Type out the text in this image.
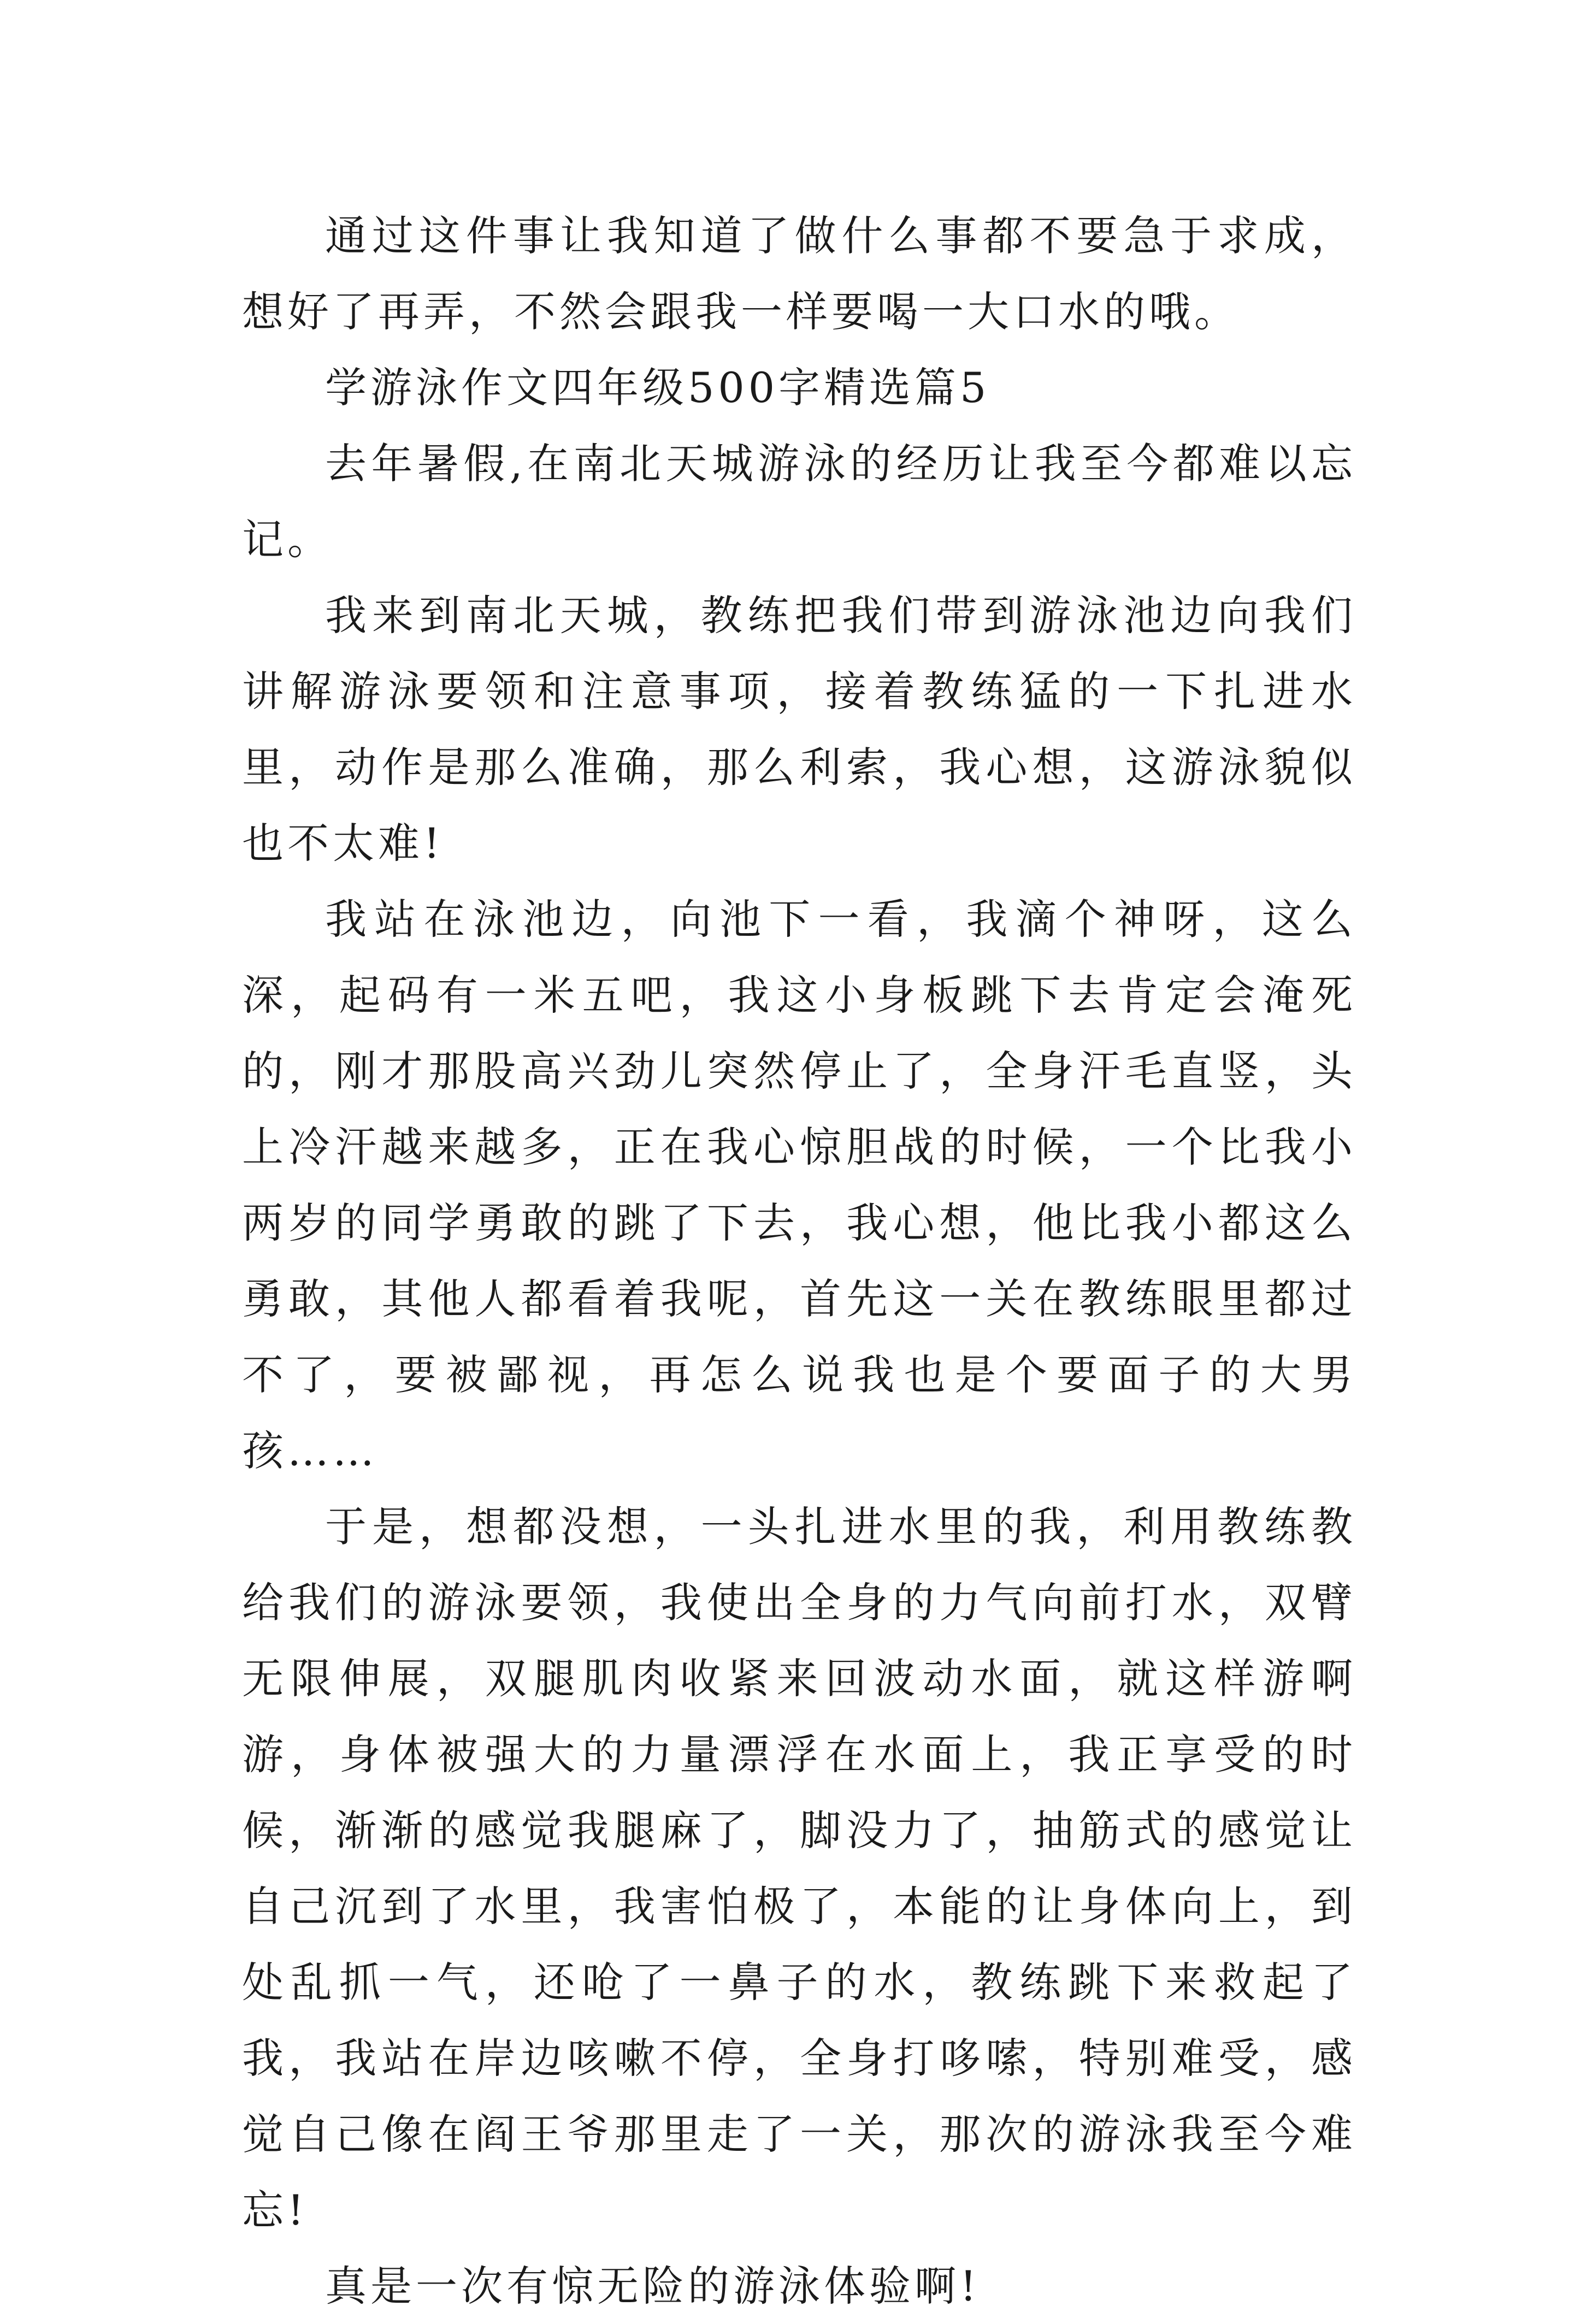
通过这件事让我知道了做什么事都不要急于求成，想好了再弄，不然会跟我一样要喝一大口水的哦。

学游泳作文四年级500字精选篇5

去年暑假,在南北天城游泳的经历让我至今都难以忘记。

我来到南北天城，教练把我们带到游泳池边向我们讲解游泳要领和注意事项，接着教练猛的一下扎进水里，动作是那么准确，那么利索，我心想，这游泳貌似也不太难!

我站在泳池边，向池下一看，我滴个神呀，这么深，起码有一米五吧，我这小身板跳下去肯定会淹死的，刚才那股高兴劲儿突然停止了，全身汗毛直竖，头上冷汗越来越多，正在我心惊胆战的时候，一个比我小两岁的同学勇敢的跳了下去，我心想，他比我小都这么勇敢，其他人都看着我呢，首先这一关在教练眼里都过不了，要被鄙视，再怎么说我也是个要面子的大男孩……

于是，想都没想，一头扎进水里的我，利用教练教给我们的游泳要领，我使出全身的力气向前打水，双臂无限伸展，双腿肌肉收紧来回波动水面，就这样游啊游，身体被强大的力量漂浮在水面上，我正享受的时候，渐渐的感觉我腿麻了，脚没力了，抽筋式的感觉让自己沉到了水里，我害怕极了，本能的让身体向上，到处乱抓一气，还呛了一鼻子的水，教练跳下来救起了我，我站在岸边咳嗽不停，全身打哆嗦，特别难受，感觉自己像在阎王爷那里走了一关，那次的游泳我至今难忘!

真是一次有惊无险的游泳体验啊!
